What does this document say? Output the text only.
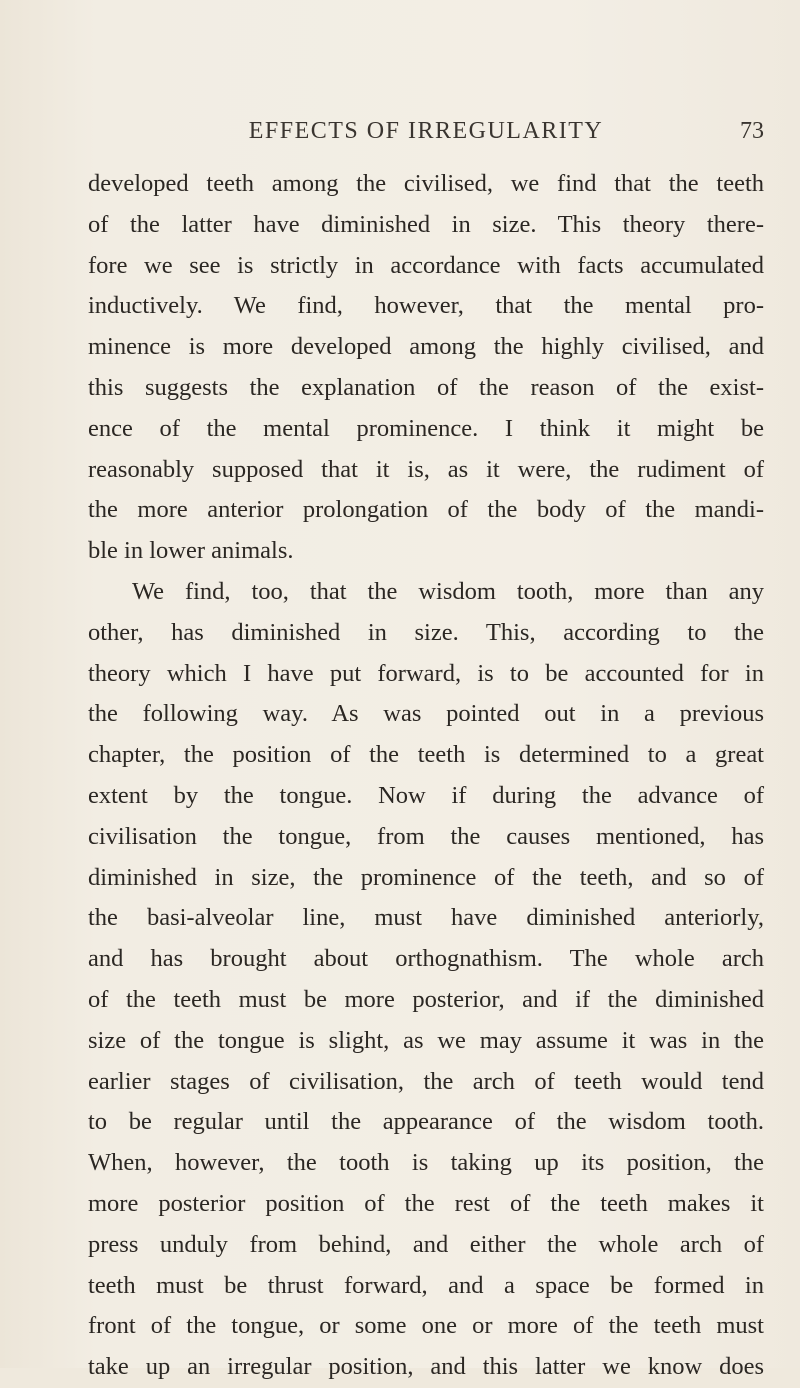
EFFECTS OF IRREGULARITY	73
developed teeth among the civilised, we find that the teeth
of the latter have diminished in size. This theory there-
fore we see is strictly in accordance with facts accumulated
inductively. We find, however, that the mental pro-
minence is more developed among the highly civilised, and
this suggests the explanation of the reason of the exist-
ence of the mental prominence. I think it might be
reasonably supposed that it is, as it were, the rudiment of
the more anterior prolongation of the body of the mandi-
ble in lower animals.
We find, too, that the wisdom tooth, more than any
other, has diminished in size. This, according to the
theory which I have put forward, is to be accounted for in
the following way. As was pointed out in a previous
chapter, the position of the teeth is determined to a great
extent by the tongue. Now if during the advance of
civilisation the tongue, from the causes mentioned, has
diminished in size, the prominence of the teeth, and so of
the basi-alveolar line, must have diminished anteriorly,
and has brought about orthognathism. The whole arch
of the teeth must be more posterior, and if the diminished
size of the tongue is slight, as we may assume it was in the
earlier stages of civilisation, the arch of teeth would tend
to be regular until the appearance of the wisdom tooth.
When, however, the tooth is taking up its position, the
more posterior position of the rest of the teeth makes it
press unduly from behind, and either the whole arch of
teeth must be thrust forward, and a space be formed in
front of the tongue, or some one or more of the teeth must
take up an irregular position, and this latter we know does
